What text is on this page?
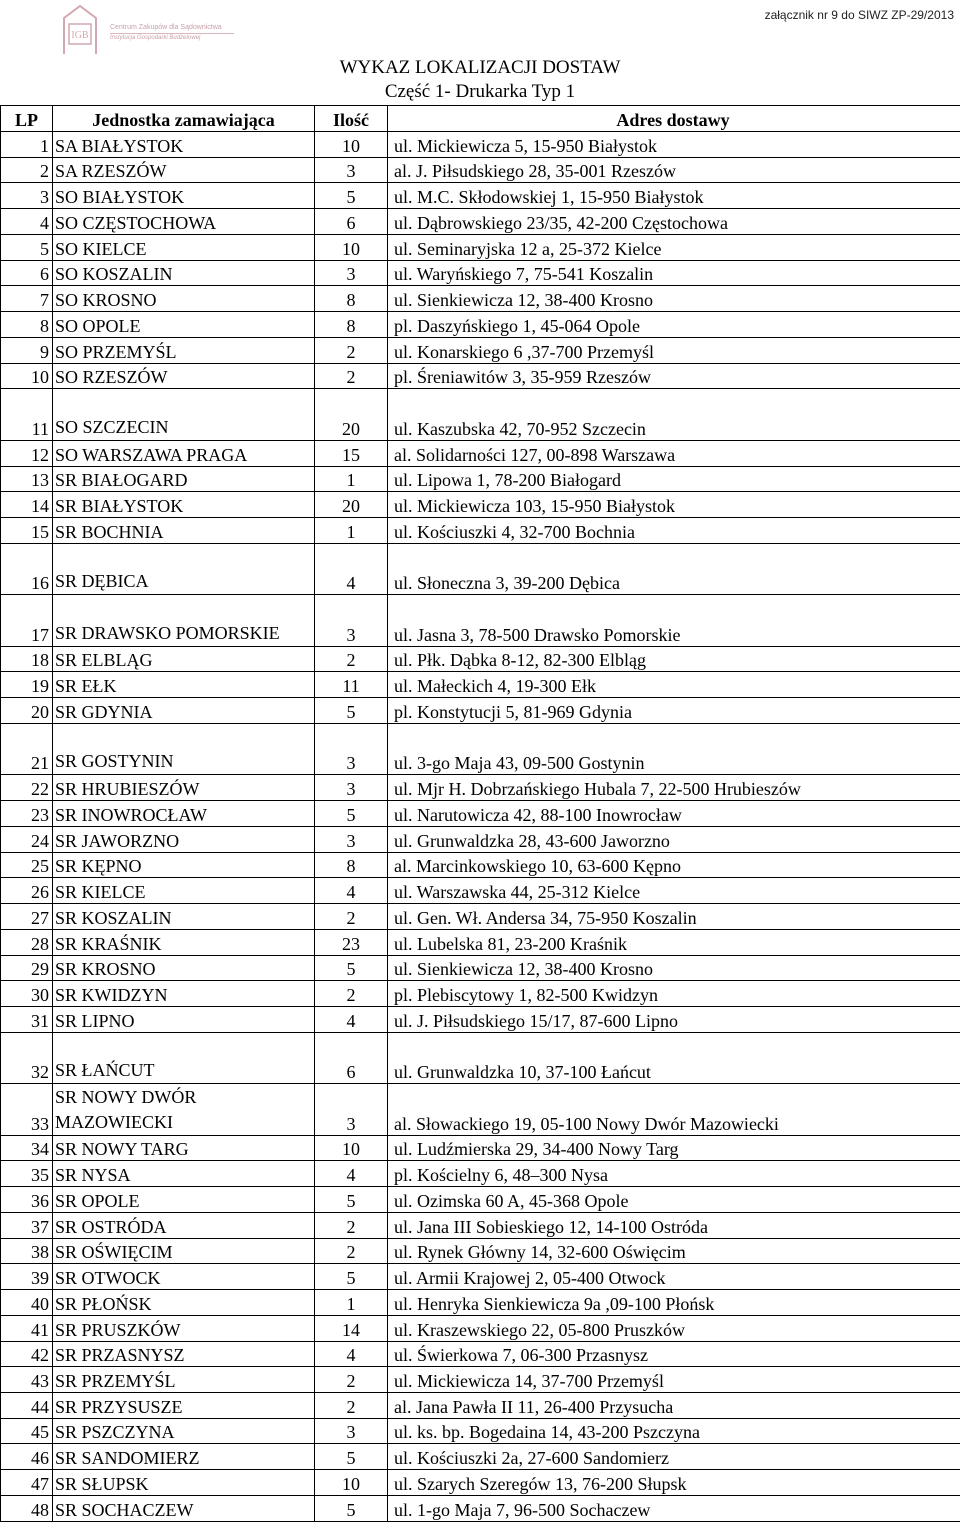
załącznik nr 9 do SIWZ ZP-29/2013
IGB
Centrum Zakupów dla Sądownictwa
Instytucja Gospodarki Budżetowej
WYKAZ LOKALIZACJI DOSTAW
Część 1- Drukarka Typ 1
LP	Jednostka zamawiająca	Ilość	Adres dostawy
1	SA BIAŁYSTOK	10	ul. Mickiewicza 5, 15-950 Białystok
2	SA RZESZÓW	3	al. J. Piłsudskiego 28, 35-001 Rzeszów
3	SO BIAŁYSTOK	5	ul. M.C. Skłodowskiej 1, 15-950 Białystok
4	SO CZĘSTOCHOWA	6	ul. Dąbrowskiego 23/35, 42-200 Częstochowa
5	SO KIELCE	10	ul. Seminaryjska 12 a, 25-372 Kielce
6	SO KOSZALIN	3	ul. Waryńskiego 7, 75-541 Koszalin
7	SO KROSNO	8	ul. Sienkiewicza 12, 38-400 Krosno
8	SO OPOLE	8	pl. Daszyńskiego 1, 45-064 Opole
9	SO PRZEMYŚL	2	ul. Konarskiego 6 ,37-700 Przemyśl
10	SO RZESZÓW	2	pl. Śreniawitów 3, 35-959 Rzeszów
11	SO SZCZECIN	20	ul. Kaszubska 42, 70-952 Szczecin
12	SO WARSZAWA PRAGA	15	al. Solidarności 127, 00-898 Warszawa
13	SR BIAŁOGARD	1	ul. Lipowa 1, 78-200 Białogard
14	SR BIAŁYSTOK	20	ul. Mickiewicza 103, 15-950 Białystok
15	SR BOCHNIA	1	ul. Kościuszki 4, 32-700 Bochnia
16	SR DĘBICA	4	ul. Słoneczna 3, 39-200 Dębica
17	SR DRAWSKO POMORSKIE	3	ul. Jasna 3, 78-500 Drawsko Pomorskie
18	SR ELBLĄG	2	ul. Płk. Dąbka 8-12, 82-300 Elbląg
19	SR EŁK	11	ul. Małeckich 4, 19-300 Ełk
20	SR GDYNIA	5	pl. Konstytucji 5, 81-969 Gdynia
21	SR GOSTYNIN	3	ul. 3-go Maja 43, 09-500 Gostynin
22	SR HRUBIESZÓW	3	ul. Mjr H. Dobrzańskiego Hubala 7, 22-500 Hrubieszów
23	SR INOWROCŁAW	5	ul. Narutowicza 42, 88-100 Inowrocław
24	SR JAWORZNO	3	ul. Grunwaldzka 28, 43-600 Jaworzno
25	SR KĘPNO	8	al. Marcinkowskiego 10, 63-600 Kępno
26	SR KIELCE	4	ul. Warszawska 44, 25-312 Kielce
27	SR KOSZALIN	2	ul. Gen. Wł. Andersa 34, 75-950 Koszalin
28	SR KRAŚNIK	23	ul. Lubelska 81, 23-200 Kraśnik
29	SR KROSNO	5	ul. Sienkiewicza 12, 38-400 Krosno
30	SR KWIDZYN	2	pl. Plebiscytowy 1, 82-500 Kwidzyn
31	SR LIPNO	4	ul. J. Piłsudskiego 15/17, 87-600 Lipno
32	SR ŁAŃCUT	6	ul. Grunwaldzka 10, 37-100 Łańcut
33	SR NOWY DWÓR MAZOWIECKI	3	al. Słowackiego 19, 05-100 Nowy Dwór Mazowiecki
34	SR NOWY TARG	10	ul. Ludźmierska 29, 34-400 Nowy Targ
35	SR NYSA	4	pl. Kościelny 6, 48–300 Nysa
36	SR OPOLE	5	ul. Ozimska 60 A, 45-368 Opole
37	SR OSTRÓDA	2	ul. Jana III Sobieskiego 12, 14-100 Ostróda
38	SR OŚWIĘCIM	2	ul. Rynek Główny 14, 32-600 Oświęcim
39	SR OTWOCK	5	ul. Armii Krajowej 2, 05-400 Otwock
40	SR PŁOŃSK	1	ul. Henryka Sienkiewicza 9a ,09-100 Płońsk
41	SR PRUSZKÓW	14	ul. Kraszewskiego 22, 05-800 Pruszków
42	SR PRZASNYSZ	4	ul. Świerkowa 7, 06-300 Przasnysz
43	SR PRZEMYŚL	2	ul. Mickiewicza 14, 37-700 Przemyśl
44	SR PRZYSUSZE	2	al. Jana Pawła II 11, 26-400 Przysucha
45	SR PSZCZYNA	3	ul. ks. bp. Bogedaina 14, 43-200 Pszczyna
46	SR SANDOMIERZ	5	ul. Kościuszki 2a, 27-600 Sandomierz
47	SR SŁUPSK	10	ul. Szarych Szeregów 13, 76-200 Słupsk
48	SR SOCHACZEW	5	ul. 1-go Maja 7, 96-500 Sochaczew
